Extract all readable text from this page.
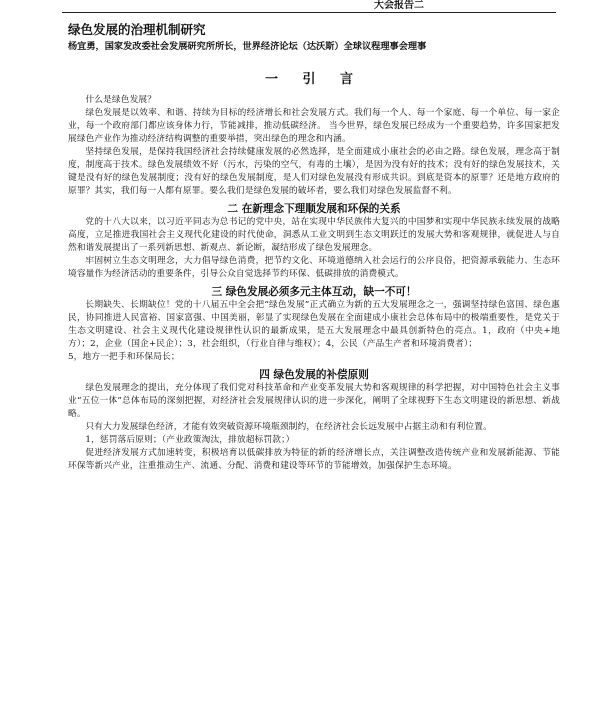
大会报告二
绿色发展的治理机制研究
杨宜勇，国家发改委社会发展研究所所长，世界经济论坛（达沃斯）全球议程理事会理事
一 引 言

什么是绿色发展？

绿色发展是以效率、和谐、持续为目标的经济增长和社会发展方式。我们每一个人、每一个家庭、每一个单位、每一家企业，每一个政府部门都应该身体力行，节能减排，推动低碳经济。 当今世界，绿色发展已经成为一个重要趋势，许多国家把发展绿色产业作为推动经济结构调整的重要举措，突出绿色的理念和内涵。

坚持绿色发展，是保持我国经济社会持续健康发展的必然选择，是全面建成小康社会的必由之路。绿色发展，理念高于制度，制度高于技术。绿色发展绩效不好（污水，污染的空气，有毒的土壤），是因为没有好的技术；没有好的绿色发展技术，关键是没有好的绿色发展制度；没有好的绿色发展制度，是人们对绿色发展没有形成共识。到底是资本的原罪？还是地方政府的原罪？其实，我们每一人都有原罪。要么我们是绿色发展的破坏者，要么我们对绿色发展监督不利。

二 在新理念下理顺发展和环保的关系

党的十八大以来，以习近平同志为总书记的党中央，站在实现中华民族伟大复兴的中国梦和实现中华民族永续发展的战略高度，立足推进我国社会主义现代化建设的时代使命，洞悉从工业文明到生态文明跃迁的发展大势和客观规律，就促进人与自然和谐发展提出了一系列新思想、新观点、新论断，凝结形成了绿色发展理念。

牢固树立生态文明理念，大力倡导绿色消费，把节约文化、环境道德纳入社会运行的公序良俗，把资源承载能力、生态环境容量作为经济活动的重要条件，引导公众自觉选择节约环保、低碳排放的消费模式。

三 绿色发展必须多元主体互动，缺一不可！

长期缺失、长期缺位！党的十八届五中全会把“绿色发展”正式确立为新的五大发展理念之一，强调坚持绿色富国、绿色惠民，协同推进人民富裕、国家富强、中国美丽，彰显了实现绿色发展在全面建成小康社会总体布局中的极端重要性，是党关于生态文明建设、社会主义现代化建设规律性认识的最新成果，是五大发展理念中最具创新特色的亮点。1，政府（中央+地方）；2，企业（国企+民企）；3，社会组织，（行业自律与维权）；4，公民（产品生产者和环境消费者）；

5，地方一把手和环保局长；

四 绿色发展的补偿原则

绿色发展理念的提出，充分体现了我们党对科技革命和产业变革发展大势和客观规律的科学把握，对中国特色社会主义事业“五位一体”总体布局的深刻把握，对经济社会发展规律认识的进一步深化，阐明了全球视野下生态文明建设的新思想、新战略。

只有大力发展绿色经济，才能有效突破资源环境瓶颈制约，在经济社会长远发展中占据主动和有利位置。

1，惩罚落后原则；（产业政策淘汰，排放超标罚款；）

促进经济发展方式加速转变，积极培育以低碳排放为特征的新的经济增长点，关注调整改造传统产业和发展新能源、节能环保等新兴产业，注重推动生产、流通、分配、消费和建设等环节的节能增效，加强保护生态环境。
